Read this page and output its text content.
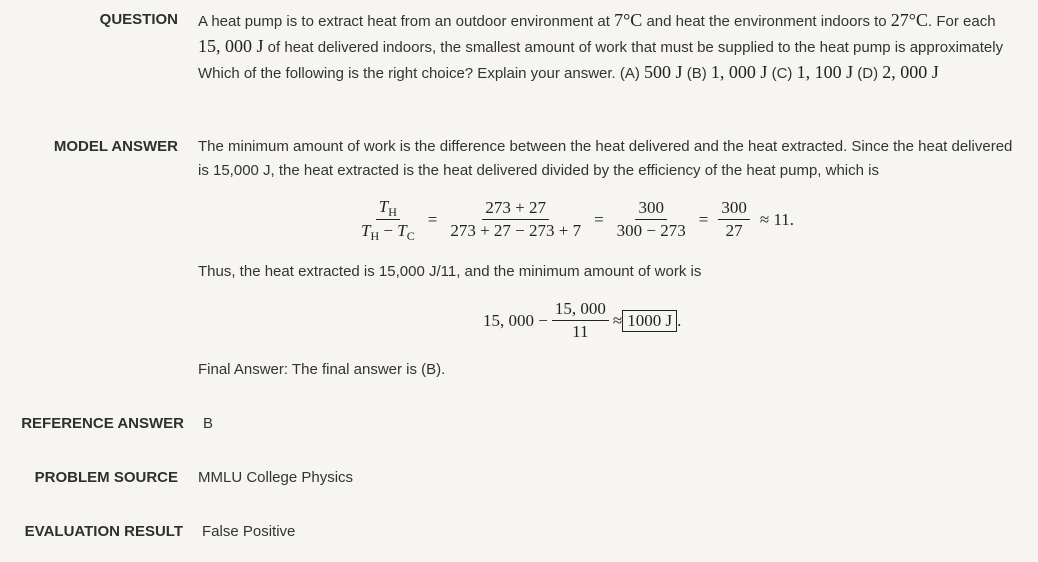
QUESTION A heat pump is to extract heat from an outdoor environment at 7°C and heat the environment indoors to 27°C. For each 15, 000 J of heat delivered indoors, the smallest amount of work that must be supplied to the heat pump is approximately Which of the following is the right choice? Explain your answer. (A) 500 J (B) 1, 000 J (C) 1, 100 J (D) 2, 000 J
MODEL ANSWER The minimum amount of work is the difference between the heat delivered and the heat extracted. Since the heat delivered is 15,000 J, the heat extracted is the heat delivered divided by the efficiency of the heat pump, which is
$\frac{T_H}{T_H - T_C} = \frac{273 + 27}{273 + 27 - 273 + 7} = \frac{300}{300 - 273} = \frac{300}{27} \approx 11$.
Thus, the heat extracted is 15,000 J/11, and the minimum amount of work is
15, $000 - \frac{15, 000}{11} \approx 1000$ J .
Final Answer: The final answer is (B).
REFERENCE ANSWER B
PROBLEM SOURCE MMLU College Physics
EVALUATION RESULT False Positive
